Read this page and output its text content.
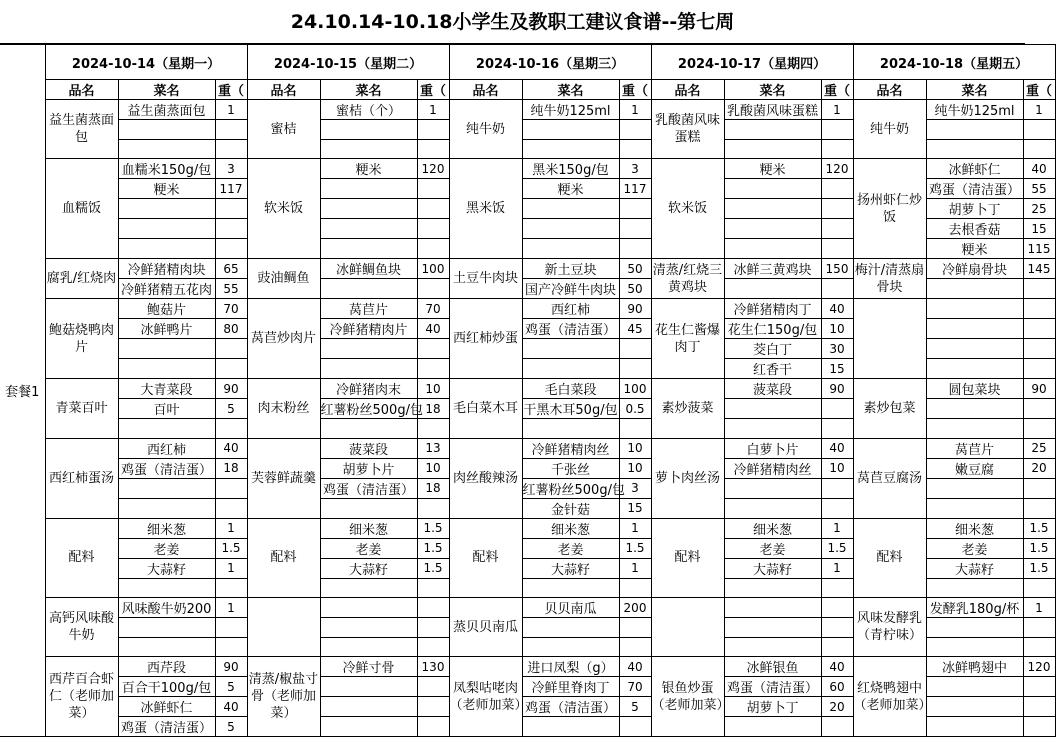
24.10.14-10.18小学生及教职工建议食谱--第七周
套餐1	2024-10-14（星期一）			2024-10-15（星期二）			2024-10-16（星期三）			2024-10-17（星期四）			2024-10-18（星期五）		
	品名	菜名	重（	品名	菜名	重（	品名	菜名	重（	品名	菜名	重（	品名	菜名	重（
	益生菌蒸面包	益生菌蒸面包	1	蜜桔	蜜桔（个）	1	纯牛奶	纯牛奶125ml	1	乳酸菌风味蛋糕	乳酸菌风味蛋糕	1	纯牛奶	纯牛奶125ml	1

	血糯饭	血糯米150g/包	3	软米饭	粳米	120	黑米饭	黑米150g/包	3	软米饭	粳米	120	扬州虾仁炒饭	冰鲜虾仁	40
		粳米	117					粳米	117					鸡蛋（清洁蛋）	55
														胡萝卜丁	25
														去根香菇	15
														粳米	115
	腐乳/红烧肉	冷鲜猪精肉块	65	豉油鲷鱼	冰鲜鲷鱼块	100	土豆牛肉块	新土豆块	50	清蒸/红烧三黄鸡块	冰鲜三黄鸡块	150	梅汁/清蒸扇骨块	冷鲜扇骨块	145
		冷鲜猪精五花肉	55					国产冷鲜牛肉块	50						
	鲍菇烧鸭肉片	鲍菇片	70	莴苣炒肉片	莴苣片	70	西红柿炒蛋	西红柿	90	花生仁酱爆肉丁	冷鲜猪精肉丁	40			
		冰鲜鸭片	80		冷鲜猪精肉片	40		鸡蛋（清洁蛋）	45		花生仁150g/包	10			
											茭白丁	30			
											红香干	15			
	青菜百叶	大青菜段	90	肉末粉丝	冷鲜猪肉末	10	毛白菜木耳	毛白菜段	100	素炒菠菜	菠菜段	90	素炒包菜	圆包菜块	90
		百叶	5		红薯粉丝500g/包	18		干黑木耳50g/包	0.5						

	西红柿蛋汤	西红柿	40	芙蓉鲜蔬羹	菠菜段	13	肉丝酸辣汤	冷鲜猪精肉丝	10	萝卜肉丝汤	白萝卜片	40	莴苣豆腐汤	莴苣片	25
		鸡蛋（清洁蛋）	18		胡萝卜片	10		千张丝	10		冷鲜猪精肉丝	10		嫩豆腐	20
					鸡蛋（清洁蛋）	18		红薯粉丝500g/包	3						
								金针菇	15						
	配料	细米葱	1	配料	细米葱	1.5	配料	细米葱	1	配料	细米葱	1	配料	细米葱	1.5
		老姜	1.5		老姜	1.5		老姜	1.5		老姜	1.5		老姜	1.5
		大蒜籽	1		大蒜籽	1.5		大蒜籽	1		大蒜籽	1		大蒜籽	1.5

	高钙风味酸牛奶	风味酸牛奶200	1				蒸贝贝南瓜	贝贝南瓜	200				风味发酵乳（青柠味）	发酵乳180g/杯	1

	西芹百合虾仁（老师加菜）	西芹段	90	清蒸/椒盐寸骨（老师加菜）	冷鲜寸骨	130	凤梨咕咾肉（老师加菜）	进口凤梨（g）	40	银鱼炒蛋（老师加菜）	冰鲜银鱼	40	红烧鸭翅中（老师加菜）	冰鲜鸭翅中	120
		百合干100g/包	5					冷鲜里脊肉丁	70		鸡蛋（清洁蛋）	60			
		冰鲜虾仁	40					鸡蛋（清洁蛋）	5		胡萝卜丁	20			
		鸡蛋（清洁蛋）	5												
